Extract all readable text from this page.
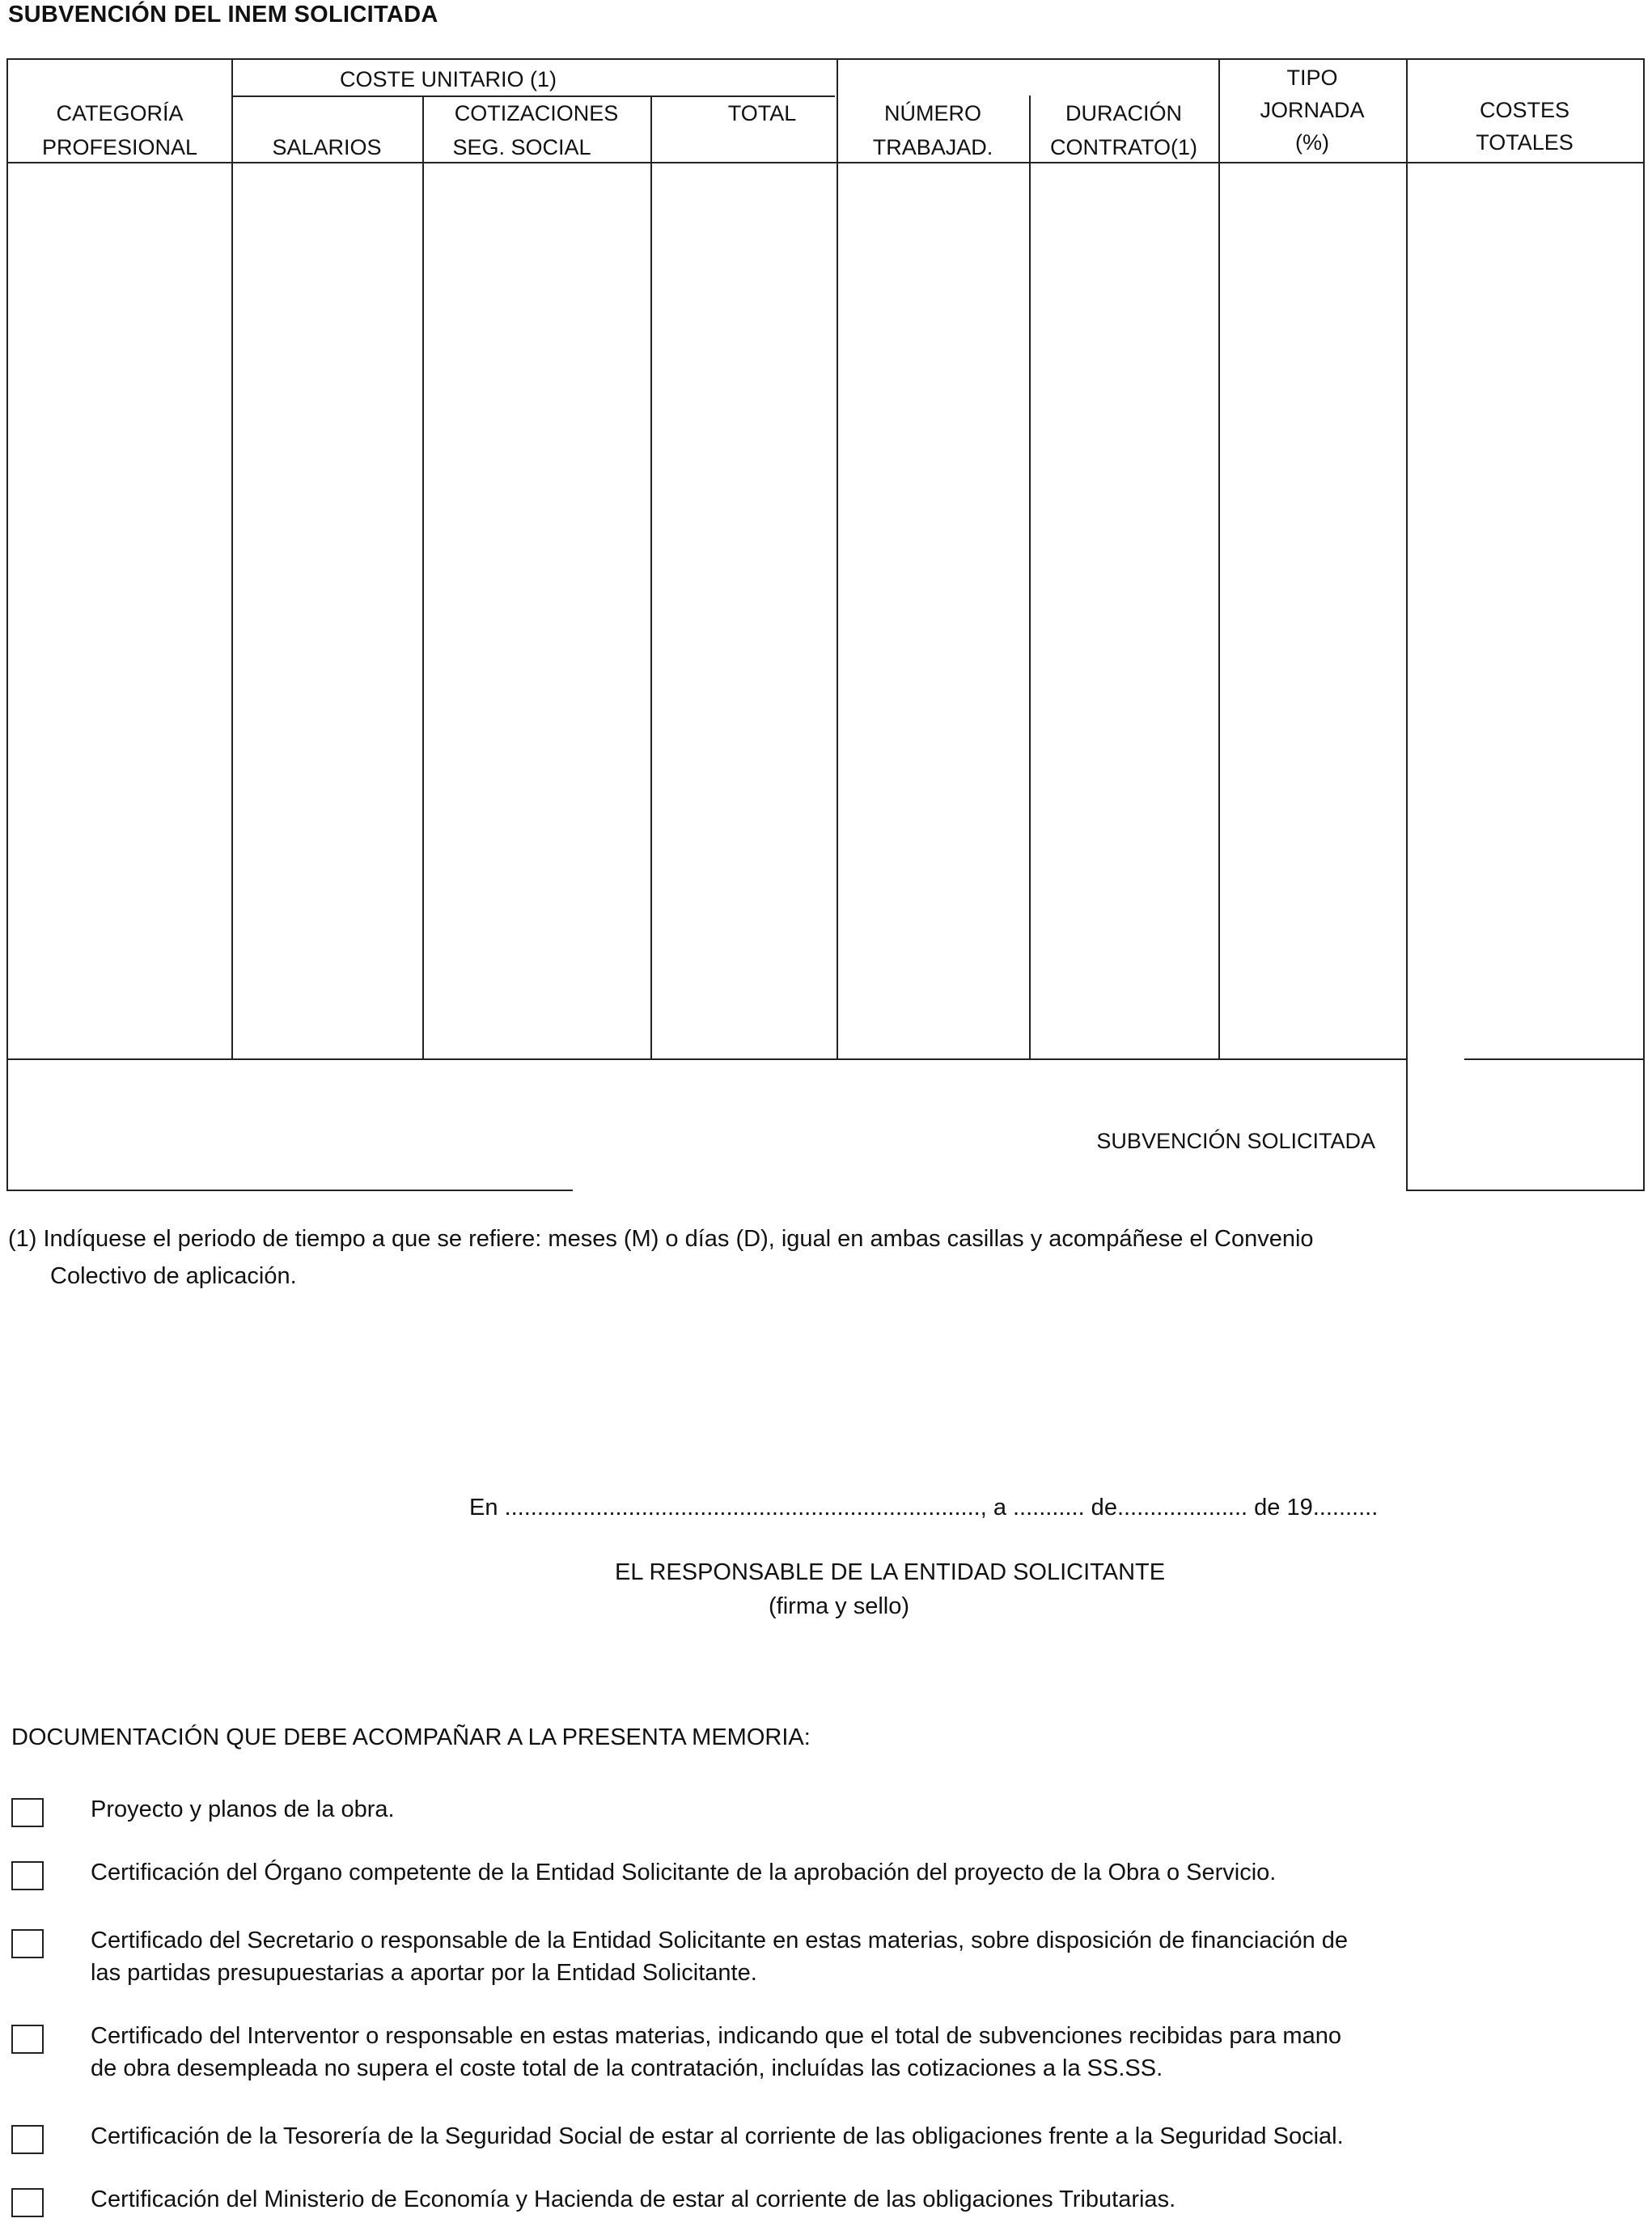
SUBVENCIÓN DEL INEM SOLICITADA
COSTE UNITARIO (1)
CATEGORÍA
PROFESIONAL	SALARIOS
COTIZACIONES
SEG. SOCIAL
TOTAL	NÚMERO
TRABAJAD.
DURACIÓN
CONTRATO(1)
TIPO
JORNADA
(%)
COSTES
TOTALES
SUBVENCIÓN SOLICITADA
(1) Indíquese el periodo de tiempo a que se refiere: meses (M) o días (D), igual en ambas casillas y acompáñese el Convenio
Colectivo de aplicación.
En ........................................................................., a ........... de.................... de 19..........
EL RESPONSABLE DE LA ENTIDAD SOLICITANTE
(firma y sello)
DOCUMENTACIÓN QUE DEBE ACOMPAÑAR A LA PRESENTA MEMORIA:
Proyecto y planos de la obra.
Certificación del Órgano competente de la Entidad Solicitante de la aprobación del proyecto de la Obra o Servicio.
Certificado del Secretario o responsable de la Entidad Solicitante en estas materias, sobre disposición de financiación de
las partidas presupuestarias a aportar por la Entidad Solicitante.
Certificado del Interventor o responsable en estas materias, indicando que el total de subvenciones recibidas para mano
de obra desempleada no supera el coste total de la contratación, incluídas las cotizaciones a la SS.SS.
Certificación de la Tesorería de la Seguridad Social de estar al corriente de las obligaciones frente a la Seguridad Social.
Certificación del Ministerio de Economía y Hacienda de estar al corriente de las obligaciones Tributarias.
